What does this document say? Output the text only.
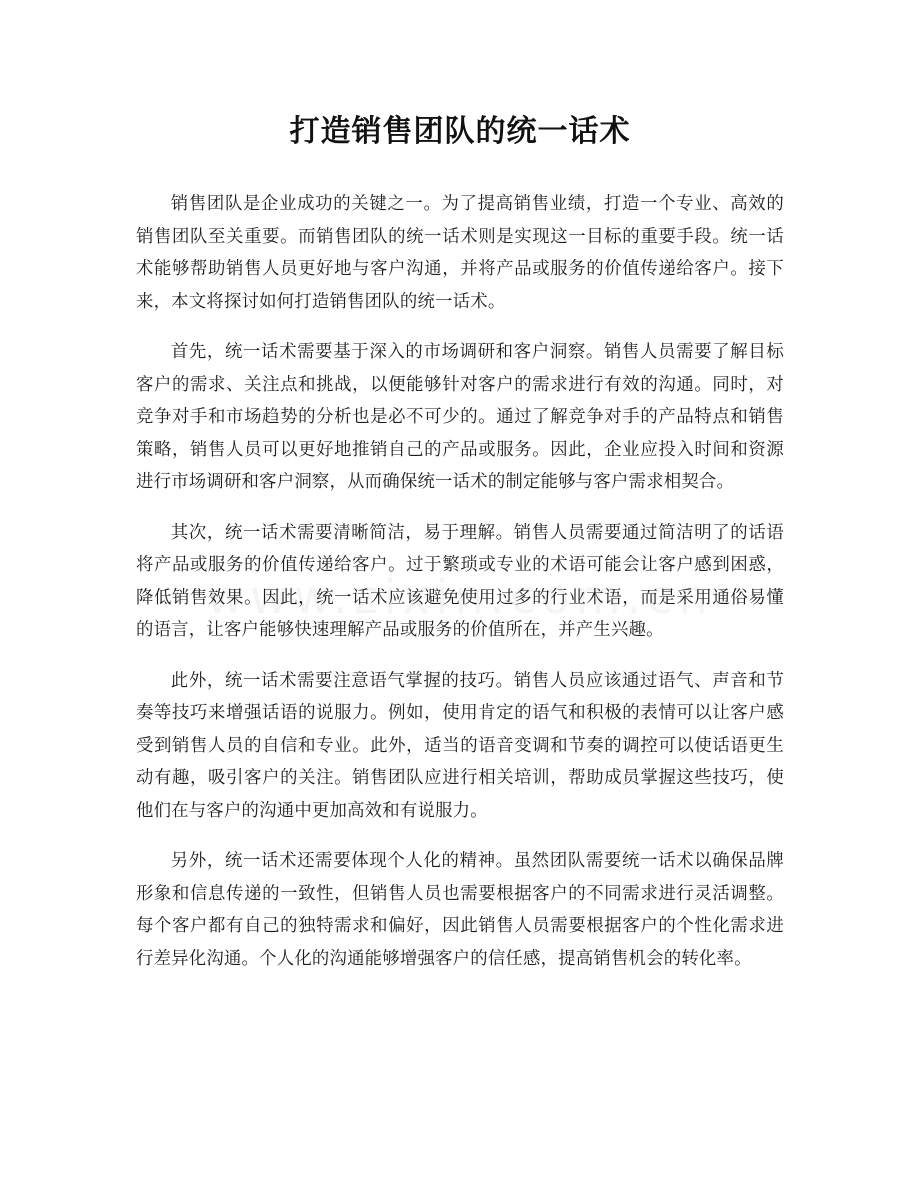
打造销售团队的统一话术

销售团队是企业成功的关键之一。为了提高销售业绩，打造一个专业、高效的销售团队至关重要。而销售团队的统一话术则是实现这一目标的重要手段。统一话术能够帮助销售人员更好地与客户沟通，并将产品或服务的价值传递给客户。接下来，本文将探讨如何打造销售团队的统一话术。

首先，统一话术需要基于深入的市场调研和客户洞察。销售人员需要了解目标客户的需求、关注点和挑战，以便能够针对客户的需求进行有效的沟通。同时，对竞争对手和市场趋势的分析也是必不可少的。通过了解竞争对手的产品特点和销售策略，销售人员可以更好地推销自己的产品或服务。因此，企业应投入时间和资源进行市场调研和客户洞察，从而确保统一话术的制定能够与客户需求相契合。

其次，统一话术需要清晰简洁，易于理解。销售人员需要通过简洁明了的话语将产品或服务的价值传递给客户。过于繁琐或专业的术语可能会让客户感到困惑，降低销售效果。因此，统一话术应该避免使用过多的行业术语，而是采用通俗易懂的语言，让客户能够快速理解产品或服务的价值所在，并产生兴趣。

此外，统一话术需要注意语气掌握的技巧。销售人员应该通过语气、声音和节奏等技巧来增强话语的说服力。例如，使用肯定的语气和积极的表情可以让客户感受到销售人员的自信和专业。此外，适当的语音变调和节奏的调控可以使话语更生动有趣，吸引客户的关注。销售团队应进行相关培训，帮助成员掌握这些技巧，使他们在与客户的沟通中更加高效和有说服力。

另外，统一话术还需要体现个人化的精神。虽然团队需要统一话术以确保品牌形象和信息传递的一致性，但销售人员也需要根据客户的不同需求进行灵活调整。每个客户都有自己的独特需求和偏好，因此销售人员需要根据客户的个性化需求进行差异化沟通。个人化的沟通能够增强客户的信任感，提高销售机会的转化率。
